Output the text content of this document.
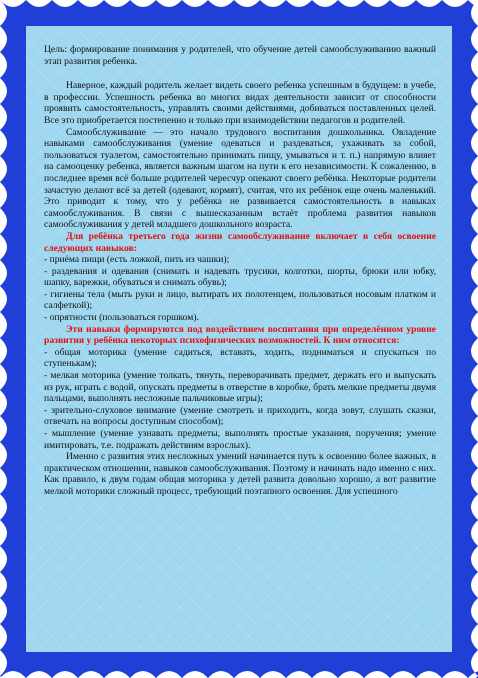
Цель: формирование понимания у родителей, что обучение детей самообслуживанию важный этап развития ребенка.

Наверное, каждый родитель желает видеть своего ребенка успешным в будущем: в учебе, в профессии. Успешность ребенка во многих видах деятельности зависит от способности проявить самостоятельность, управлять своими действиями, добиваться поставленных целей. Все это приобретается постепенно и только при взаимодействии педагогов и родителей.

Самообслуживание — это начало трудового воспитания дошкольника. Овладение навыками самообслуживания (умение одеваться и раздеваться, ухаживать за собой, пользоваться туалетом, самостоятельно принимать пищу, умываться и т. п.) напрямую влияет на самооценку ребенка, является важным шагом на пути к его независимости. К сожалению, в последнее время всё больше родителей чересчур опекают своего ребёнка. Некоторые родители зачастую делают всё за детей (одевают, кормят), считая, что их ребёнок еще очень маленький. Это приводит к тому, что у ребёнка не развивается самостоятельность в навыках самообслуживания. В связи с вышесказанным встаёт проблема развития навыков самообслуживания у детей младшего дошкольного возраста.

Для ребёнка третьего года жизни самообслуживание включает в себя освоение следующих навыков:

- приёма пищи (есть ложкой, пить из чашки);

- раздевания и одевания (снимать и надевать трусики, колготки, шорты, брюки или юбку, шапку, варежки, обуваться и снимать обувь);

- гигиены тела (мыть руки и лицо, вытирать их полотенцем, пользоваться носовым платком и салфеткой);

- опрятности (пользоваться горшком).

Эти навыки формируются под воздействием воспитания при определённом уровне развития у ребёнка некоторых психофизических возможностей. К ним относятся:

- общая моторика (умение садиться, вставать, ходить, подниматься и спускаться по ступенькам);

- мелкая моторика (умение толкать, тянуть, переворачивать предмет, держать его и выпускать из рук, играть с водой, опускать предметы в отверстие в коробке, брать мелкие предметы двумя пальцами, выполнять несложные пальчиковые игры);

- зрительно-слуховое внимание (умение смотреть и приходить, когда зовут, слушать сказки, отвечать на вопросы доступным способом);

- мышление (умение узнавать предметы, выполнять простые указания, поручения; умение имитировать, т.е. подражать действиям взрослых).

Именно с развития этих несложных умений начинается путь к освоению более важных, в практическом отношении, навыков самообслуживания. Поэтому и начинать надо именно с них. Как правило, к двум годам общая моторика у детей развита довольно хорошо, а вот развитие мелкой моторики сложный процесс, требующий поэтапного освоения. Для успешного
